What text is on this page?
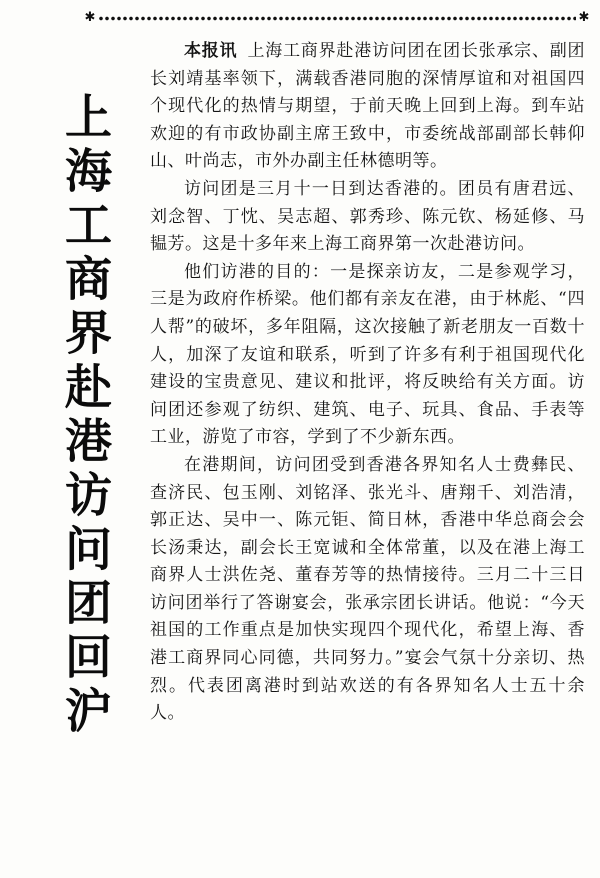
✱	✱
上海工商界赴港访问团回沪

本报讯 上海工商界赴港访问团在团长张承宗、副团长刘靖基率领下，满载香港同胞的深情厚谊和对祖国四个现代化的热情与期望，于前天晚上回到上海。到车站欢迎的有市政协副主席王致中，市委统战部副部长韩仰山、叶尚志，市外办副主任林德明等。

访问团是三月十一日到达香港的。团员有唐君远、刘念智、丁忱、吴志超、郭秀珍、陈元钦、杨延修、马韫芳。这是十多年来上海工商界第一次赴港访问。

他们访港的目的：一是探亲访友，二是参观学习，三是为政府作桥梁。他们都有亲友在港，由于林彪、“四人帮”的破坏，多年阻隔，这次接触了新老朋友一百数十人，加深了友谊和联系，听到了许多有利于祖国现代化建设的宝贵意见、建议和批评，将反映给有关方面。访问团还参观了纺织、建筑、电子、玩具、食品、手表等工业，游览了市容，学到了不少新东西。

在港期间，访问团受到香港各界知名人士费彝民、查济民、包玉刚、刘铭泽、张光斗、唐翔千、刘浩清，郭正达、吴中一、陈元钜、简日林，香港中华总商会会长汤秉达，副会长王宽诚和全体常董，以及在港上海工商界人士洪佐尧、董春芳等的热情接待。三月二十三日访问团举行了答谢宴会，张承宗团长讲话。他说：“今天祖国的工作重点是加快实现四个现代化，希望上海、香港工商界同心同德，共同努力。”宴会气氛十分亲切、热烈。代表团离港时到站欢送的有各界知名人士五十余人。
